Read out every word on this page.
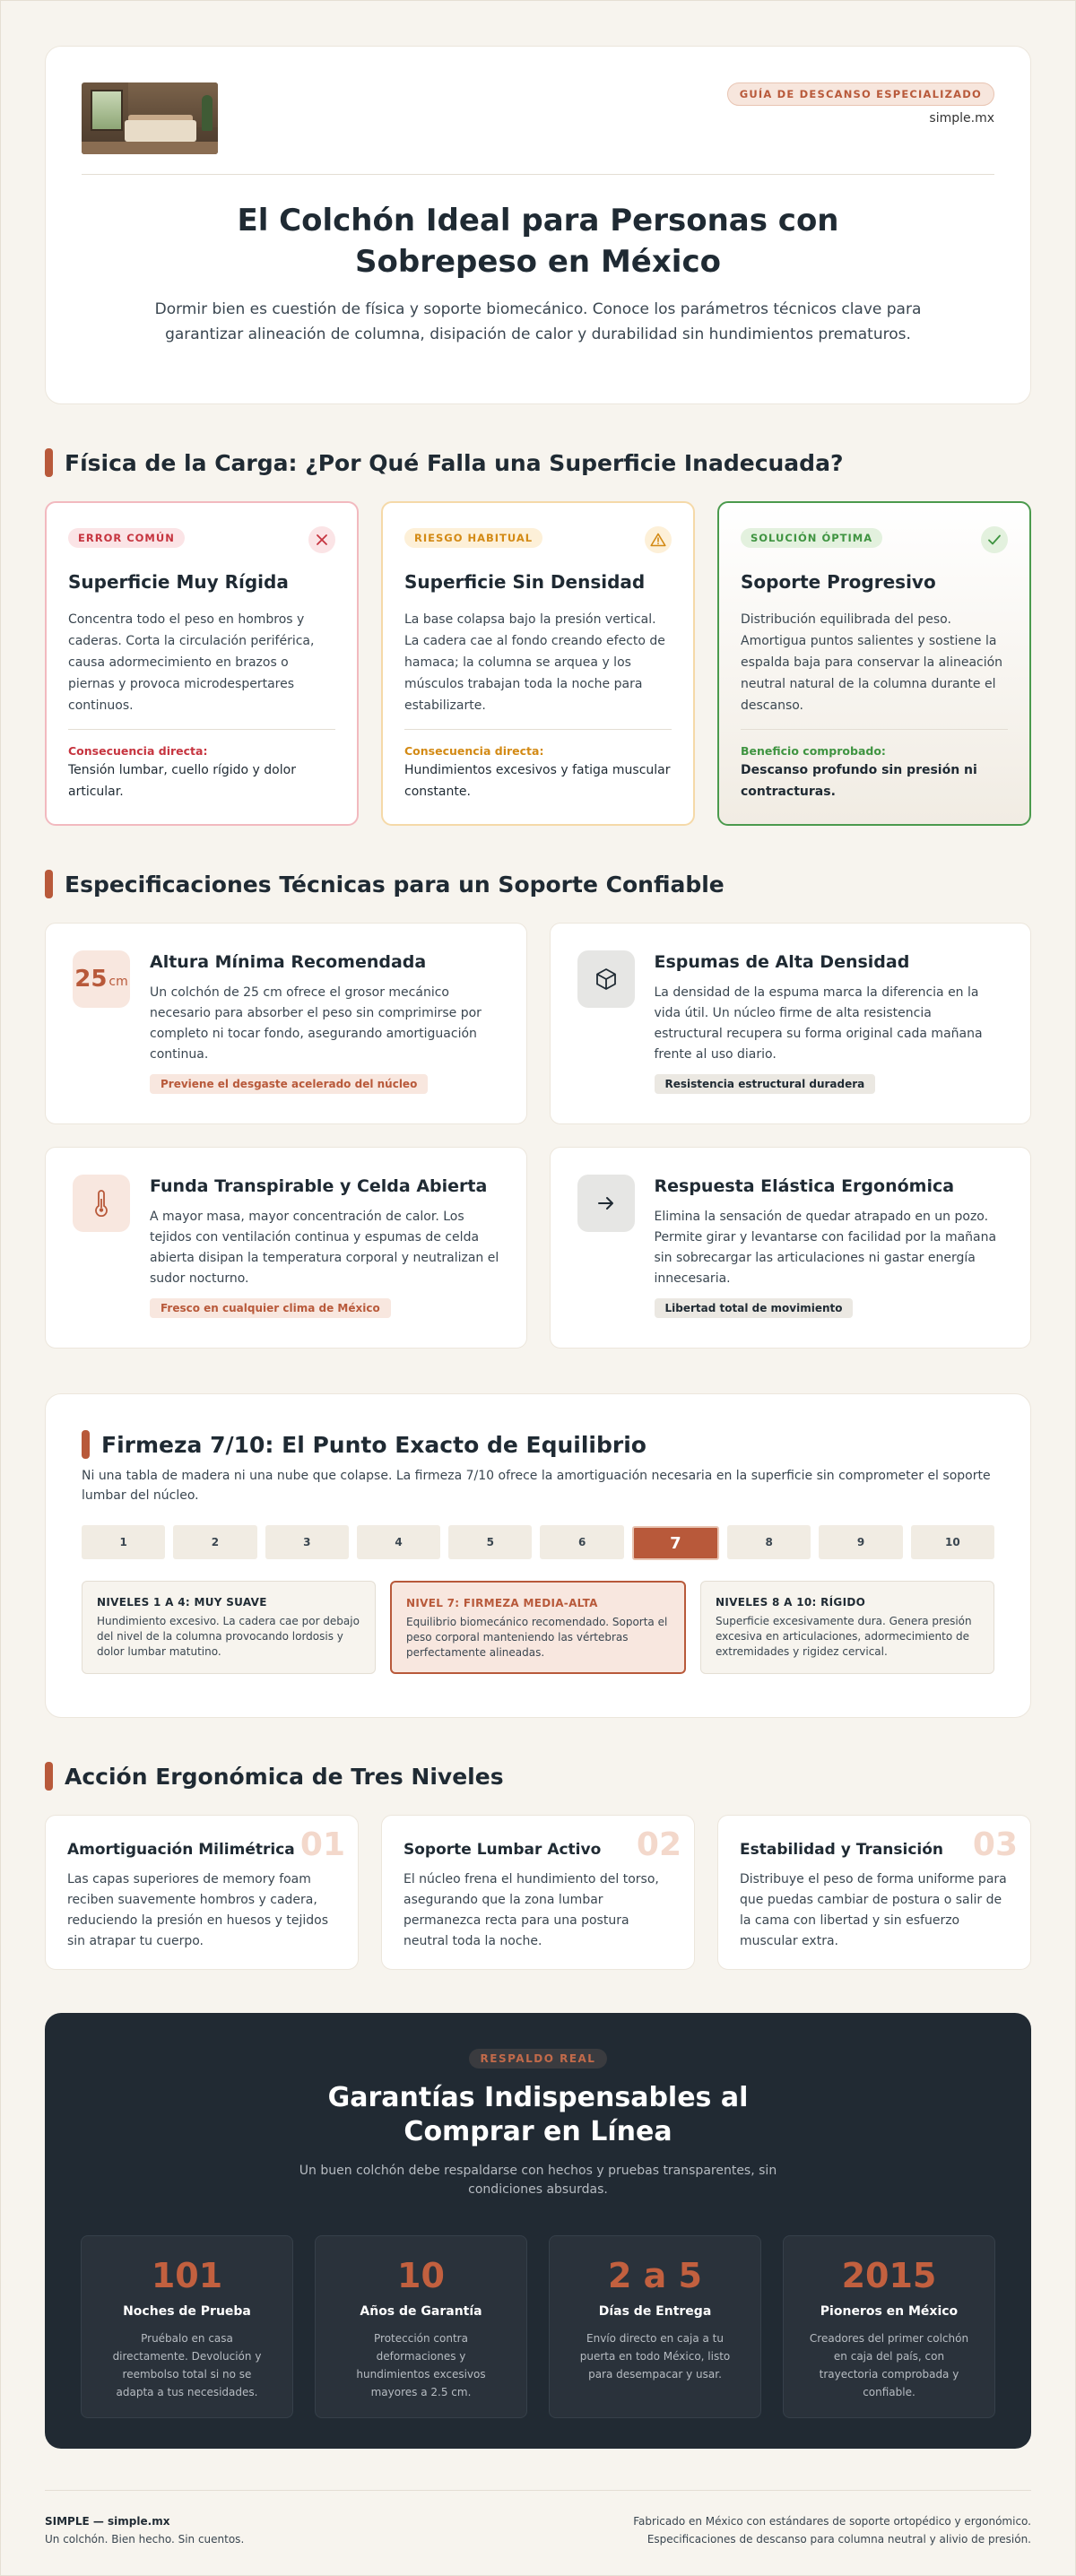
GUÍA DE DESCANSO ESPECIALIZADO
simple.mx
El Colchón Ideal para Personas con Sobrepeso en México

Dormir bien es cuestión de física y soporte biomecánico. Conoce los parámetros técnicos clave para garantizar alineación de columna, disipación de calor y durabilidad sin hundimientos prematuros.

Física de la Carga: ¿Por Qué Falla una Superficie Inadecuada?
ERROR COMÚN
Superficie Muy Rígida

Concentra todo el peso en hombros y caderas. Corta la circulación periférica, causa adormecimiento en brazos o piernas y provoca microdespertares continuos.

Consecuencia directa:
Tensión lumbar, cuello rígido y dolor articular.
RIESGO HABITUAL
Superficie Sin Densidad

La base colapsa bajo la presión vertical. La cadera cae al fondo creando efecto de hamaca; la columna se arquea y los músculos trabajan toda la noche para estabilizarte.

Consecuencia directa:
Hundimientos excesivos y fatiga muscular constante.
SOLUCIÓN ÓPTIMA
Soporte Progresivo

Distribución equilibrada del peso. Amortigua puntos salientes y sostiene la espalda baja para conservar la alineación neutral natural de la columna durante el descanso.

Beneficio comprobado:
Descanso profundo sin presión ni contracturas.
Especificaciones Técnicas para un Soporte Confiable
25 cm
Altura Mínima Recomendada

Un colchón de 25 cm ofrece el grosor mecánico necesario para absorber el peso sin comprimirse por completo ni tocar fondo, asegurando amortiguación continua.

Previene el desgaste acelerado del núcleo
Espumas de Alta Densidad

La densidad de la espuma marca la diferencia en la vida útil. Un núcleo firme de alta resistencia estructural recupera su forma original cada mañana frente al uso diario.

Resistencia estructural duradera
Funda Transpirable y Celda Abierta

A mayor masa, mayor concentración de calor. Los tejidos con ventilación continua y espumas de celda abierta disipan la temperatura corporal y neutralizan el sudor nocturno.

Fresco en cualquier clima de México
Respuesta Elástica Ergonómica

Elimina la sensación de quedar atrapado en un pozo. Permite girar y levantarse con facilidad por la mañana sin sobrecargar las articulaciones ni gastar energía innecesaria.

Libertad total de movimiento
Firmeza 7/10: El Punto Exacto de Equilibrio

Ni una tabla de madera ni una nube que colapse. La firmeza 7/10 ofrece la amortiguación necesaria en la superficie sin comprometer el soporte lumbar del núcleo.

1	2	3	4	5	6	7	8	9	10
NIVELES 1 A 4: MUY SUAVE

Hundimiento excesivo. La cadera cae por debajo del nivel de la columna provocando lordosis y dolor lumbar matutino.

NIVEL 7: FIRMEZA MEDIA-ALTA

Equilibrio biomecánico recomendado. Soporta el peso corporal manteniendo las vértebras perfectamente alineadas.

NIVELES 8 A 10: RÍGIDO

Superficie excesivamente dura. Genera presión excesiva en articulaciones, adormecimiento de extremidades y rigidez cervical.

Acción Ergonómica de Tres Niveles
01
Amortiguación Milimétrica

Las capas superiores de memory foam reciben suavemente hombros y cadera, reduciendo la presión en huesos y tejidos sin atrapar tu cuerpo.

02
Soporte Lumbar Activo

El núcleo frena el hundimiento del torso, asegurando que la zona lumbar permanezca recta para una postura neutral toda la noche.

03
Estabilidad y Transición

Distribuye el peso de forma uniforme para que puedas cambiar de postura o salir de la cama con libertad y sin esfuerzo muscular extra.

RESPALDO REAL
Garantías Indispensables al Comprar en Línea

Un buen colchón debe respaldarse con hechos y pruebas transparentes, sin condiciones absurdas.

101
Noches de Prueba
Pruébalo en casa directamente. Devolución y reembolso total si no se adapta a tus necesidades.
10
Años de Garantía
Protección contra deformaciones y hundimientos excesivos mayores a 2.5 cm.
2 a 5
Días de Entrega
Envío directo en caja a tu puerta en todo México, listo para desempacar y usar.
2015
Pioneros en México
Creadores del primer colchón en caja del país, con trayectoria comprobada y confiable.
SIMPLE — simple.mx
Un colchón. Bien hecho. Sin cuentos.
Fabricado en México con estándares de soporte ortopédico y ergonómico.
Especificaciones de descanso para columna neutral y alivio de presión.
